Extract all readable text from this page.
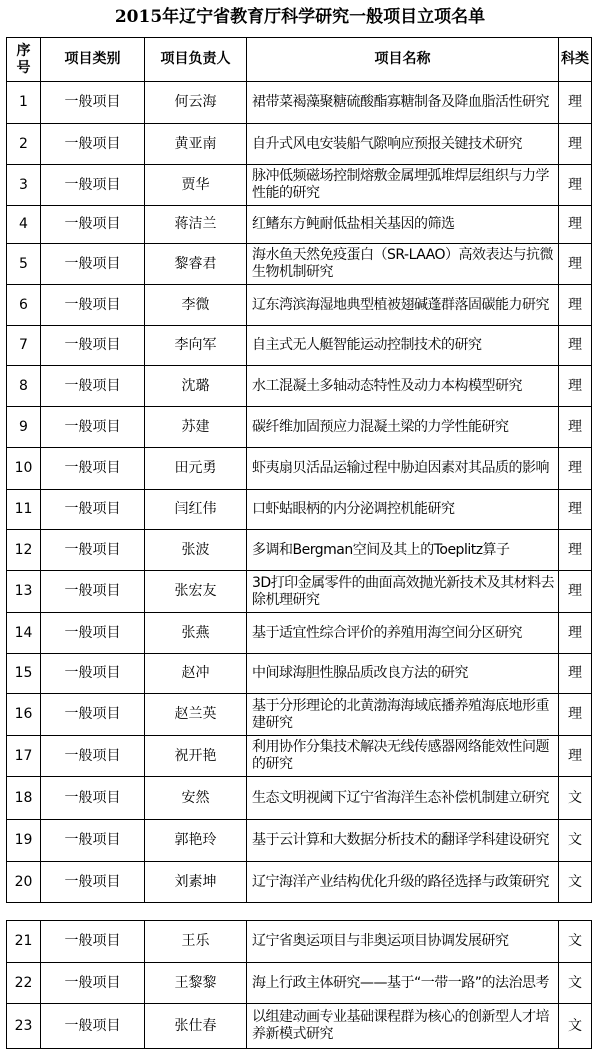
2015年辽宁省教育厅科学研究一般项目立项名单
序号	项目类别	项目负责人	项目名称	科类
1	一般项目	何云海	裙带菜褐藻聚糖硫酸酯寡糖制备及降血脂活性研究	理
2	一般项目	黄亚南	自升式风电安装船气隙响应预报关键技术研究	理
3	一般项目	贾华	脉冲低频磁场控制熔敷金属埋弧堆焊层组织与力学性能的研究	理
4	一般项目	蒋洁兰	红鳍东方鲀耐低盐相关基因的筛选	理
5	一般项目	黎睿君	海水鱼天然免疫蛋白（SR-LAAO）高效表达与抗微生物机制研究	理
6	一般项目	李微	辽东湾滨海湿地典型植被翅碱蓬群落固碳能力研究	理
7	一般项目	李向军	自主式无人艇智能运动控制技术的研究	理
8	一般项目	沈璐	水工混凝土多轴动态特性及动力本构模型研究	理
9	一般项目	苏建	碳纤维加固预应力混凝土梁的力学性能研究	理
10	一般项目	田元勇	虾夷扇贝活品运输过程中胁迫因素对其品质的影响	理
11	一般项目	闫红伟	口虾蛄眼柄的内分泌调控机能研究	理
12	一般项目	张波	多调和Bergman空间及其上的Toeplitz算子	理
13	一般项目	张宏友	3D打印金属零件的曲面高效抛光新技术及其材料去除机理研究	理
14	一般项目	张燕	基于适宜性综合评价的养殖用海空间分区研究	理
15	一般项目	赵冲	中间球海胆性腺品质改良方法的研究	理
16	一般项目	赵兰英	基于分形理论的北黄渤海海域底播养殖海底地形重建研究	理
17	一般项目	祝开艳	利用协作分集技术解决无线传感器网络能效性问题的研究	理
18	一般项目	安然	生态文明视阈下辽宁省海洋生态补偿机制建立研究	文
19	一般项目	郭艳玲	基于云计算和大数据分析技术的翻译学科建设研究	文
20	一般项目	刘素坤	辽宁海洋产业结构优化升级的路径选择与政策研究	文
21	一般项目	王乐	辽宁省奥运项目与非奥运项目协调发展研究	文
22	一般项目	王黎黎	海上行政主体研究——基于“一带一路”的法治思考	文
23	一般项目	张仕春	以组建动画专业基础课程群为核心的创新型人才培养新模式研究	文
